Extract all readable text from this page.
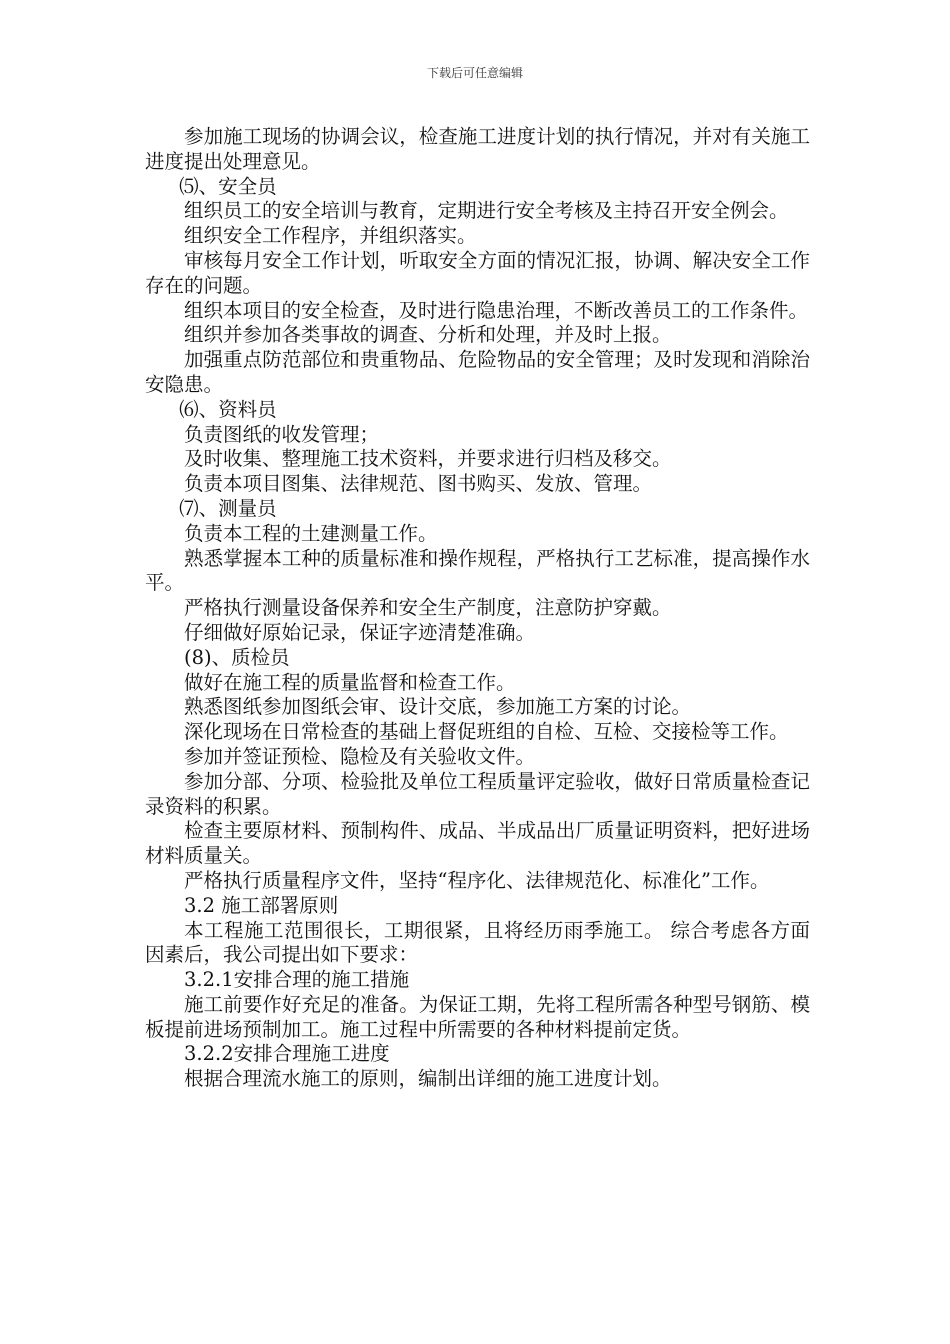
下载后可任意编辑

参加施工现场的协调会议，检查施工进度计划的执行情况，并对有关施工进度提出处理意见。

⑸、安全员

组织员工的安全培训与教育，定期进行安全考核及主持召开安全例会。

组织安全工作程序，并组织落实。

审核每月安全工作计划，听取安全方面的情况汇报，协调、解决安全工作存在的问题。

组织本项目的安全检查，及时进行隐患治理，不断改善员工的工作条件。

组织并参加各类事故的调查、分析和处理，并及时上报。

加强重点防范部位和贵重物品、危险物品的安全管理；及时发现和消除治安隐患。

⑹、资料员

负责图纸的收发管理；

及时收集、整理施工技术资料，并要求进行归档及移交。

负责本项目图集、法律规范、图书购买、发放、管理。

⑺、测量员

负责本工程的土建测量工作。

熟悉掌握本工种的质量标准和操作规程，严格执行工艺标准，提高操作水平。

严格执行测量设备保养和安全生产制度，注意防护穿戴。

仔细做好原始记录，保证字迹清楚准确。

(8)、质检员

做好在施工程的质量监督和检查工作。

熟悉图纸参加图纸会审、设计交底，参加施工方案的讨论。

深化现场在日常检查的基础上督促班组的自检、互检、交接检等工作。

参加并签证预检、隐检及有关验收文件。

参加分部、分项、检验批及单位工程质量评定验收，做好日常质量检查记录资料的积累。

检查主要原材料、预制构件、成品、半成品出厂质量证明资料，把好进场材料质量关。

严格执行质量程序文件，坚持“程序化、法律规范化、标准化”工作。

3.2 施工部署原则

本工程施工范围很长，工期很紧，且将经历雨季施工。 综合考虑各方面因素后，我公司提出如下要求：

3.2.1安排合理的施工措施

施工前要作好充足的准备。为保证工期，先将工程所需各种型号钢筋、模板提前进场预制加工。施工过程中所需要的各种材料提前定货。

3.2.2安排合理施工进度

根据合理流水施工的原则，编制出详细的施工进度计划。
